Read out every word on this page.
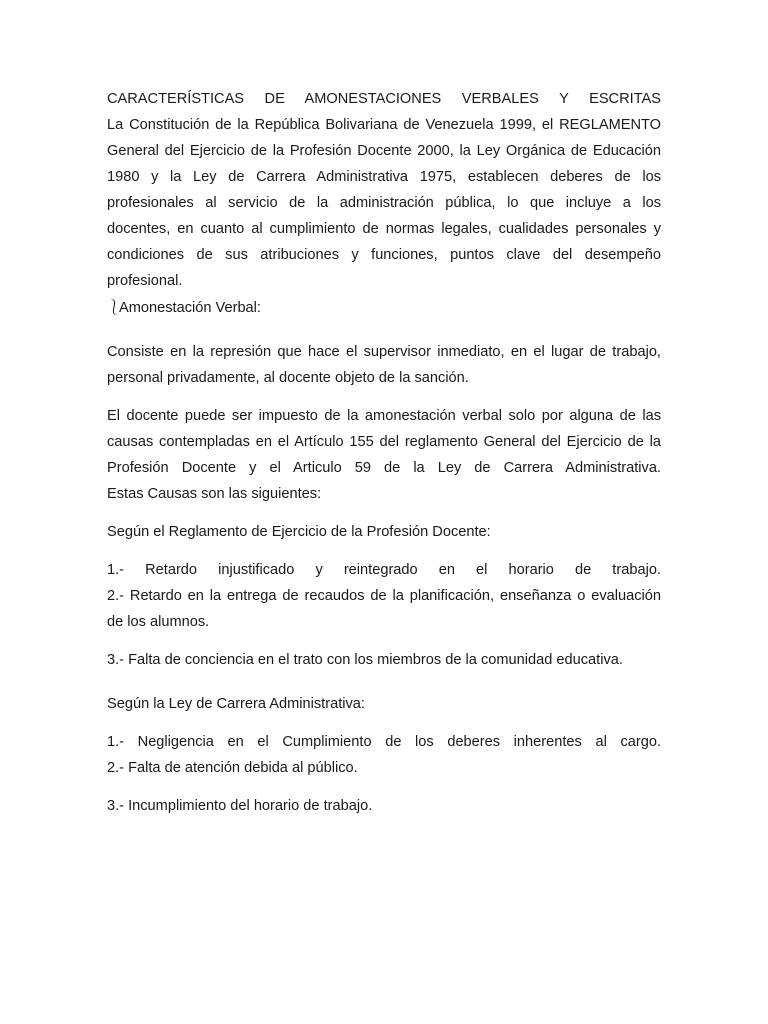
CARACTERÍSTICAS DE AMONESTACIONES VERBALES Y ESCRITAS
La Constitución de la República Bolivariana de Venezuela 1999, el REGLAMENTO
General del Ejercicio de la Profesión Docente 2000, la Ley Orgánica de Educación
1980 y la Ley de Carrera Administrativa 1975, establecen deberes de los
profesionales al servicio de la administración pública, lo que incluye a los
docentes, en cuanto al cumplimiento de normas legales, cualidades personales y
condiciones de sus atribuciones y funciones, puntos clave del desempeño
profesional.

⎱Amonestación Verbal:

Consiste en la represión que hace el supervisor inmediato, en el lugar de trabajo,
personal privadamente, al docente objeto de la sanción.

El docente puede ser impuesto de la amonestación verbal solo por alguna de las
causas contempladas en el Artículo 155 del reglamento General del Ejercicio de la
Profesión Docente y el Articulo 59 de la Ley de Carrera Administrativa.
Estas Causas son las siguientes:

Según el Reglamento de Ejercicio de la Profesión Docente:

1.- Retardo injustificado y reintegrado en el horario de trabajo.
2.- Retardo en la entrega de recaudos de la planificación, enseñanza o evaluación
de los alumnos.

3.- Falta de conciencia en el trato con los miembros de la comunidad educativa.

Según la Ley de Carrera Administrativa:

1.- Negligencia en el Cumplimiento de los deberes inherentes al cargo.
2.- Falta de atención debida al público.

3.- Incumplimiento del horario de trabajo.
